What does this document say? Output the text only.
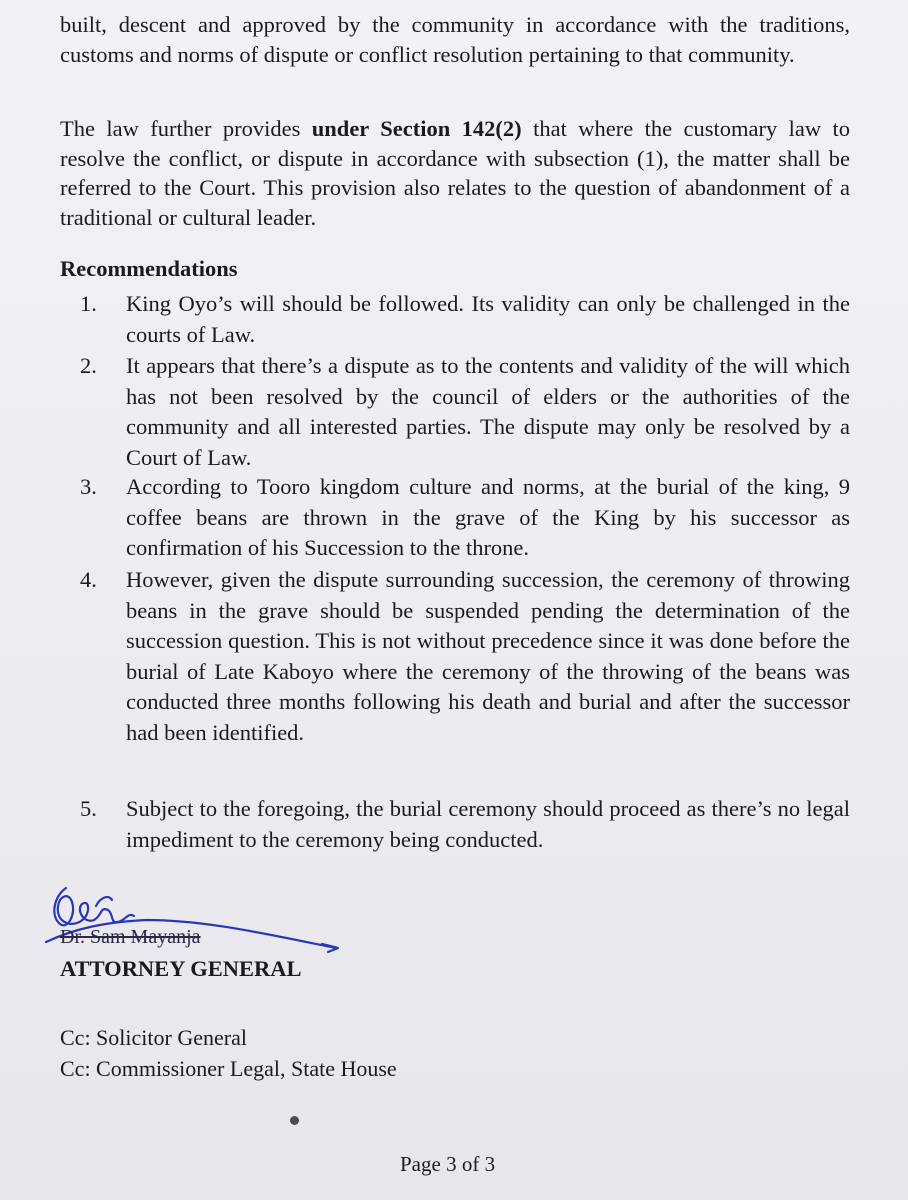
built, descent and approved by the community in accordance with the traditions, customs and norms of dispute or conflict resolution pertaining to that community.

The law further provides under Section 142(2) that where the customary law to resolve the conflict, or dispute in accordance with subsection (1), the matter shall be referred to the Court. This provision also relates to the question of abandonment of a traditional or cultural leader.

Recommendations

1.	King Oyo’s will should be followed. Its validity can only be challenged in the courts of Law.
2.	It appears that there’s a dispute as to the contents and validity of the will which has not been resolved by the council of elders or the authorities of the community and all interested parties. The dispute may only be resolved by a Court of Law.
3.	According to Tooro kingdom culture and norms, at the burial of the king, 9 coffee beans are thrown in the grave of the King by his successor as confirmation of his Succession to the throne.
4.	However, given the dispute surrounding succession, the ceremony of throwing beans in the grave should be suspended pending the determination of the succession question. This is not without precedence since it was done before the burial of Late Kaboyo where the ceremony of the throwing of the beans was conducted three months following his death and burial and after the successor had been identified.
5.	Subject to the foregoing, the burial ceremony should proceed as there’s no legal impediment to the ceremony being conducted.

Dr. Sam Mayanja

ATTORNEY GENERAL

Cc: Solicitor General

Cc: Commissioner Legal, State House

Page 3 of 3
